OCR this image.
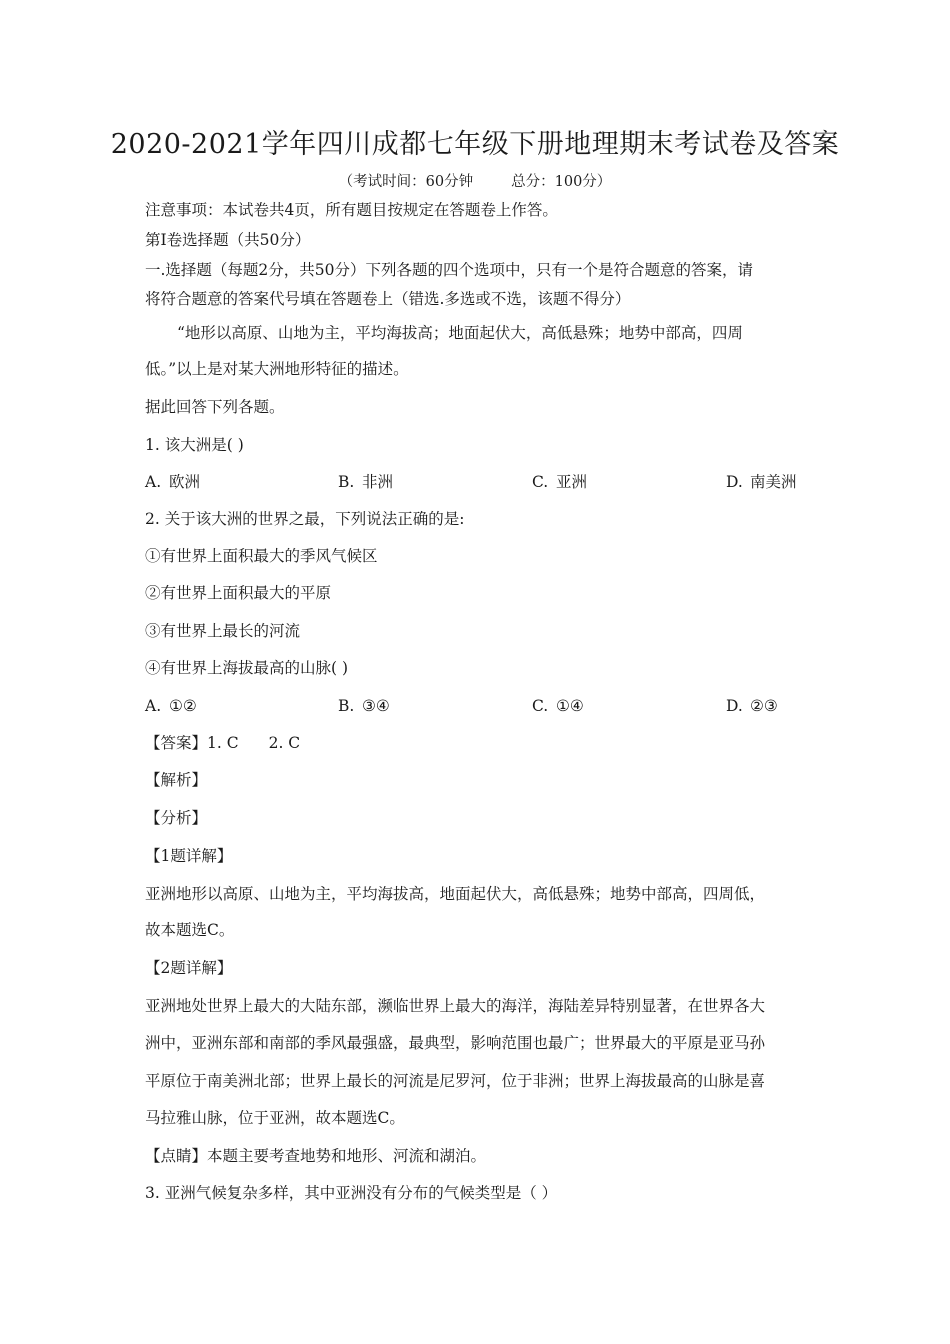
2020-2021学年四川成都七年级下册地理期末考试卷及答案
（考试时间：60分钟	总分：100分）
注意事项：本试卷共4页，所有题目按规定在答题卷上作答。
第I卷选择题（共50分）
一.选择题（每题2分，共50分）下列各题的四个选项中，只有一个是符合题意的答案，请
将符合题意的答案代号填在答题卷上（错选.多选或不选，该题不得分）
“地形以高原、山地为主，平均海拔高；地面起伏大，高低悬殊；地势中部高，四周
低。”以上是对某大洲地形特征的描述。
据此回答下列各题。
1. 该大洲是( )
A. 欧洲	B. 非洲	C. 亚洲	D. 南美洲
2. 关于该大洲的世界之最，下列说法正确的是:
①有世界上面积最大的季风气候区
②有世界上面积最大的平原
③有世界上最长的河流
④有世界上海拔最高的山脉( )
A. ①②	B. ③④	C. ①④	D. ②③
【答案】1. C 2. C
【解析】
【分析】
【1题详解】
亚洲地形以高原、山地为主，平均海拔高，地面起伏大，高低悬殊；地势中部高，四周低，
故本题选C。
【2题详解】
亚洲地处世界上最大的大陆东部，濒临世界上最大的海洋，海陆差异特别显著，在世界各大
洲中，亚洲东部和南部的季风最强盛，最典型，影响范围也最广；世界最大的平原是亚马孙
平原位于南美洲北部；世界上最长的河流是尼罗河，位于非洲；世界上海拔最高的山脉是喜
马拉雅山脉，位于亚洲，故本题选C。
【点睛】本题主要考查地势和地形、河流和湖泊。
3. 亚洲气候复杂多样，其中亚洲没有分布的气候类型是（ ）
